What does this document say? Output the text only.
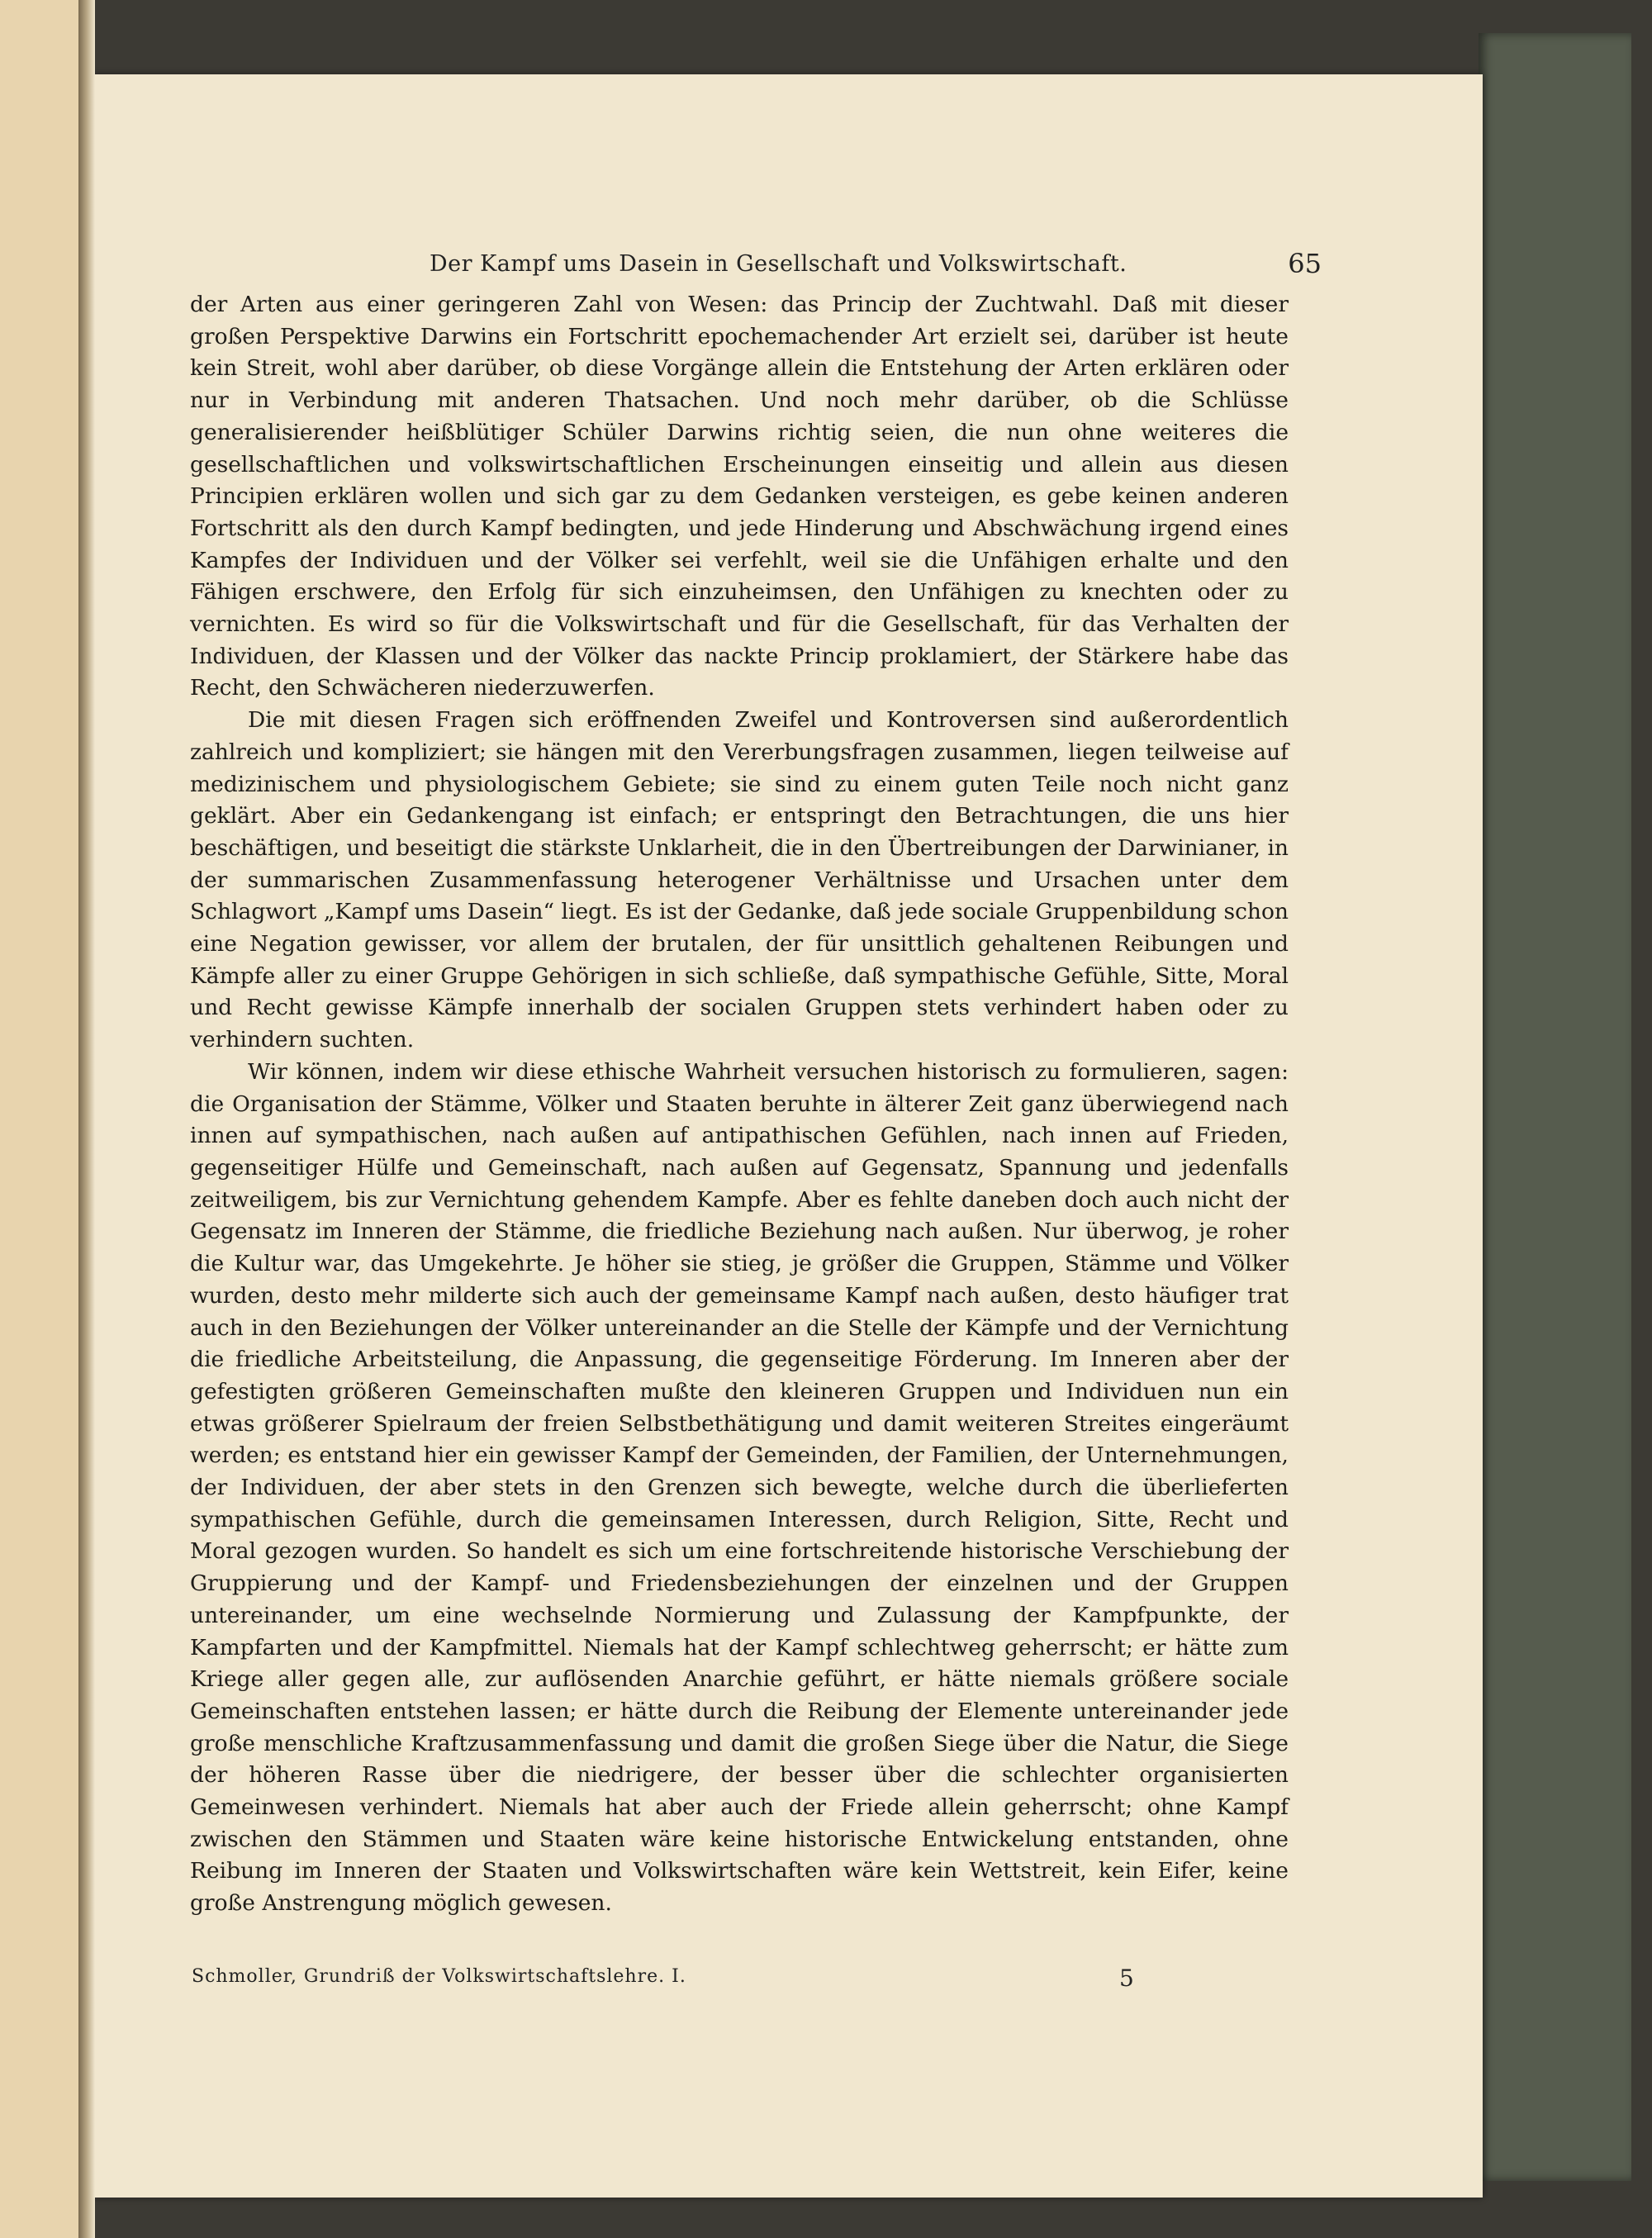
Der Kampf ums Dasein in Gesellschaft und Volkswirtschaft.	65

der Arten aus einer geringeren Zahl von Wesen: das Princip der Zuchtwahl. Daß mit dieser großen Perspektive Darwins ein Fortschritt epochemachender Art erzielt sei, darüber ist heute kein Streit, wohl aber darüber, ob diese Vorgänge allein die Entstehung der Arten erklären oder nur in Verbindung mit anderen Thatsachen. Und noch mehr darüber, ob die Schlüsse generalisierender heißblütiger Schüler Darwins richtig seien, die nun ohne weiteres die gesellschaftlichen und volkswirtschaftlichen Erscheinungen einseitig und allein aus diesen Principien erklären wollen und sich gar zu dem Gedanken versteigen, es gebe keinen anderen Fortschritt als den durch Kampf bedingten, und jede Hinderung und Abschwächung irgend eines Kampfes der Individuen und der Völker sei verfehlt, weil sie die Unfähigen erhalte und den Fähigen erschwere, den Erfolg für sich einzuheimsen, den Unfähigen zu knechten oder zu vernichten. Es wird so für die Volkswirtschaft und für die Gesellschaft, für das Verhalten der Individuen, der Klassen und der Völker das nackte Princip proklamiert, der Stärkere habe das Recht, den Schwächeren niederzuwerfen.

Die mit diesen Fragen sich eröffnenden Zweifel und Kontroversen sind außerordentlich zahlreich und kompliziert; sie hängen mit den Vererbungsfragen zusammen, liegen teilweise auf medizinischem und physiologischem Gebiete; sie sind zu einem guten Teile noch nicht ganz geklärt. Aber ein Gedankengang ist einfach; er entspringt den Betrachtungen, die uns hier beschäftigen, und beseitigt die stärkste Unklarheit, die in den Übertreibungen der Darwinianer, in der summarischen Zusammenfassung heterogener Verhältnisse und Ursachen unter dem Schlagwort „Kampf ums Dasein“ liegt. Es ist der Gedanke, daß jede sociale Gruppenbildung schon eine Negation gewisser, vor allem der brutalen, der für unsittlich gehaltenen Reibungen und Kämpfe aller zu einer Gruppe Gehörigen in sich schließe, daß sympathische Gefühle, Sitte, Moral und Recht gewisse Kämpfe innerhalb der socialen Gruppen stets verhindert haben oder zu verhindern suchten.

Wir können, indem wir diese ethische Wahrheit versuchen historisch zu formulieren, sagen: die Organisation der Stämme, Völker und Staaten beruhte in älterer Zeit ganz überwiegend nach innen auf sympathischen, nach außen auf antipathischen Gefühlen, nach innen auf Frieden, gegenseitiger Hülfe und Gemeinschaft, nach außen auf Gegensatz, Spannung und jedenfalls zeitweiligem, bis zur Vernichtung gehendem Kampfe. Aber es fehlte daneben doch auch nicht der Gegensatz im Inneren der Stämme, die friedliche Beziehung nach außen. Nur überwog, je roher die Kultur war, das Umgekehrte. Je höher sie stieg, je größer die Gruppen, Stämme und Völker wurden, desto mehr milderte sich auch der gemeinsame Kampf nach außen, desto häufiger trat auch in den Beziehungen der Völker untereinander an die Stelle der Kämpfe und der Vernichtung die friedliche Arbeitsteilung, die Anpassung, die gegenseitige Förderung. Im Inneren aber der gefestigten größeren Gemeinschaften mußte den kleineren Gruppen und Individuen nun ein etwas größerer Spielraum der freien Selbstbethätigung und damit weiteren Streites eingeräumt werden; es entstand hier ein gewisser Kampf der Gemeinden, der Familien, der Unternehmungen, der Individuen, der aber stets in den Grenzen sich bewegte, welche durch die überlieferten sympathischen Gefühle, durch die gemeinsamen Interessen, durch Religion, Sitte, Recht und Moral gezogen wurden. So handelt es sich um eine fortschreitende historische Verschiebung der Gruppierung und der Kampf- und Friedensbeziehungen der einzelnen und der Gruppen untereinander, um eine wechselnde Normierung und Zulassung der Kampfpunkte, der Kampfarten und der Kampfmittel. Niemals hat der Kampf schlechtweg geherrscht; er hätte zum Kriege aller gegen alle, zur auflösenden Anarchie geführt, er hätte niemals größere sociale Gemeinschaften entstehen lassen; er hätte durch die Reibung der Elemente untereinander jede große menschliche Kraftzusammenfassung und damit die großen Siege über die Natur, die Siege der höheren Rasse über die niedrigere, der besser über die schlechter organisierten Gemeinwesen verhindert. Niemals hat aber auch der Friede allein geherrscht; ohne Kampf zwischen den Stämmen und Staaten wäre keine historische Entwickelung entstanden, ohne Reibung im Inneren der Staaten und Volkswirtschaften wäre kein Wettstreit, kein Eifer, keine große Anstrengung möglich gewesen.

Schmoller, Grundriß der Volkswirtschaftslehre. I.	5
